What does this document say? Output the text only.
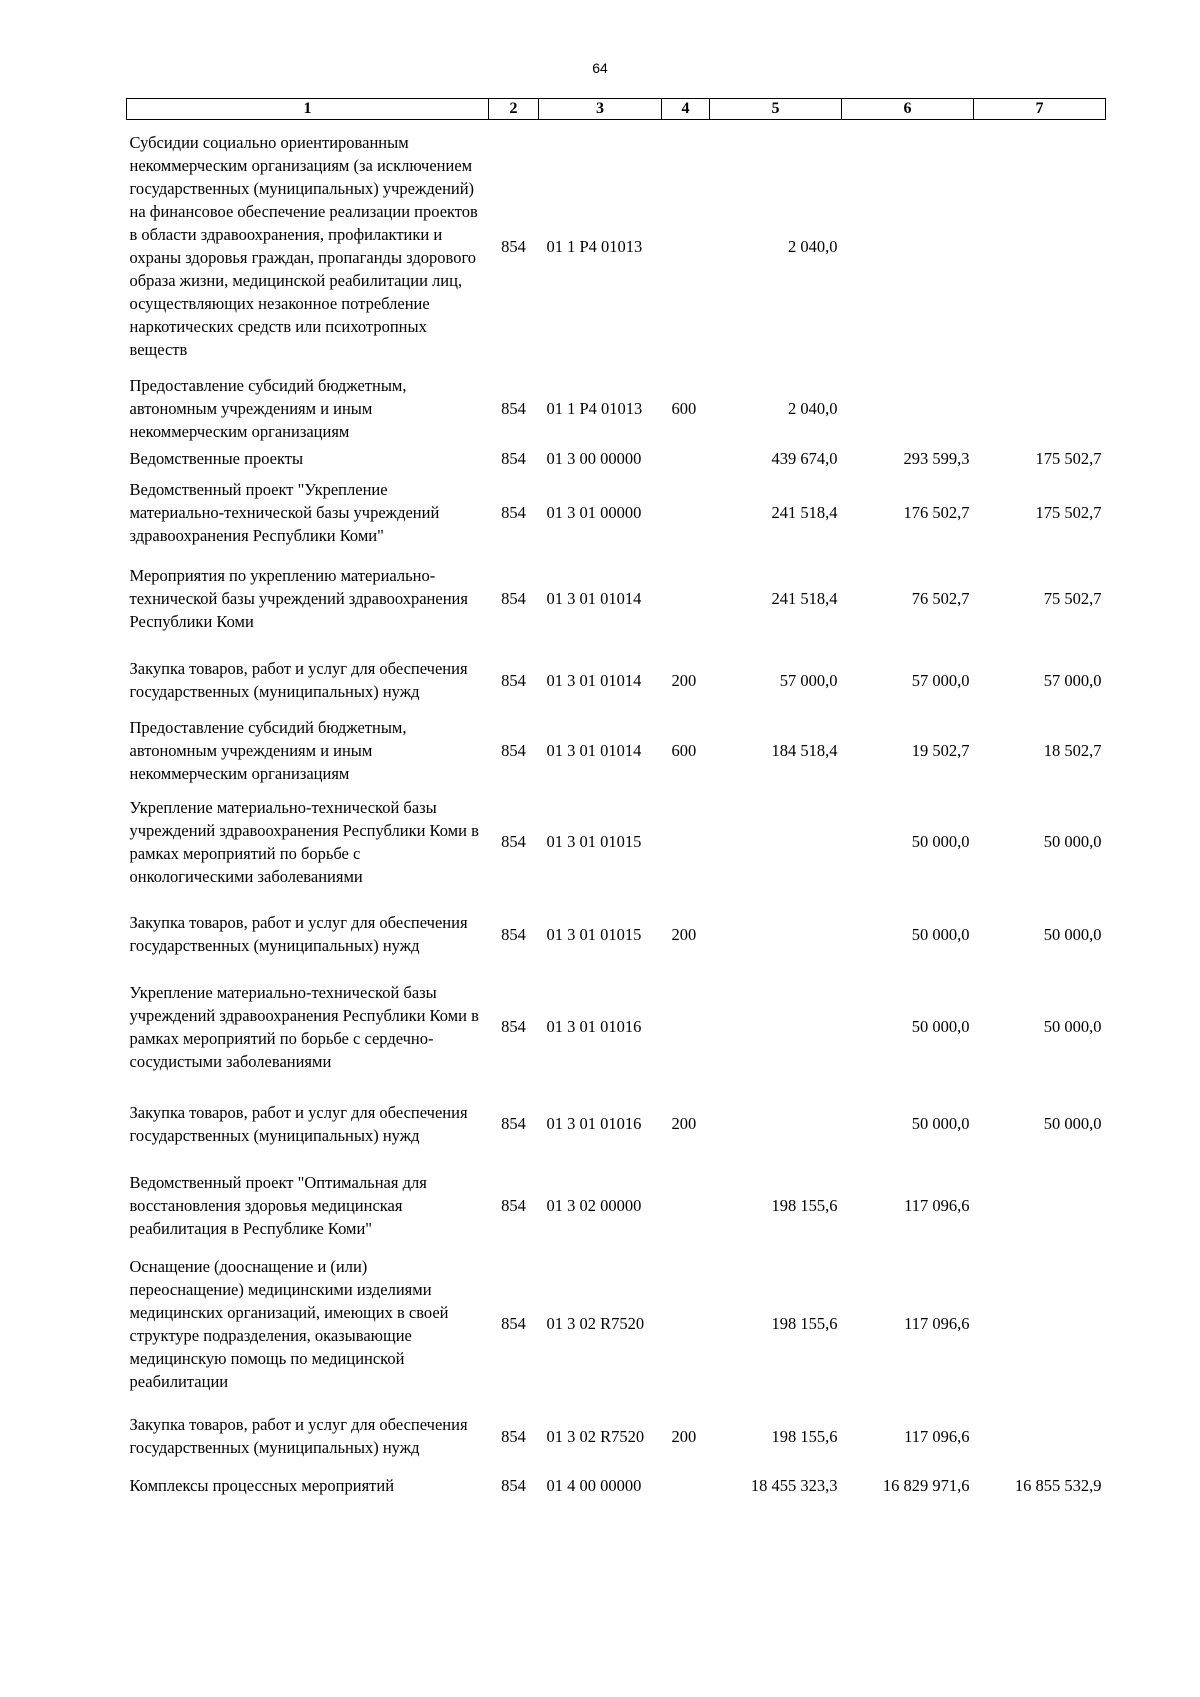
64
1	2	3	4	5	6	7
Субсидии социально ориентированным некоммерческим организациям (за исключением государственных (муниципальных) учреждений) на финансовое обеспечение реализации проектов в области здравоохранения, профилактики и охраны здоровья граждан, пропаганды здорового образа жизни, медицинской реабилитации лиц, осуществляющих незаконное потребление наркотических средств или психотропных веществ	854	01 1 P4 01013		2 040,0		
Предоставление субсидий бюджетным, автономным учреждениям и иным некоммерческим организациям	854	01 1 P4 01013	600	2 040,0		
Ведомственные проекты	854	01 3 00 00000		439 674,0	293 599,3	175 502,7
Ведомственный проект "Укрепление материально-технической базы учреждений здравоохранения Республики Коми"	854	01 3 01 00000		241 518,4	176 502,7	175 502,7
Мероприятия по укреплению материально-технической базы учреждений здравоохранения Республики Коми	854	01 3 01 01014		241 518,4	76 502,7	75 502,7
Закупка товаров, работ и услуг для обеспечения государственных (муниципальных) нужд	854	01 3 01 01014	200	57 000,0	57 000,0	57 000,0
Предоставление субсидий бюджетным, автономным учреждениям и иным некоммерческим организациям	854	01 3 01 01014	600	184 518,4	19 502,7	18 502,7
Укрепление материально-технической базы учреждений здравоохранения Республики Коми в рамках мероприятий по борьбе с онкологическими заболеваниями	854	01 3 01 01015			50 000,0	50 000,0
Закупка товаров, работ и услуг для обеспечения государственных (муниципальных) нужд	854	01 3 01 01015	200		50 000,0	50 000,0
Укрепление материально-технической базы учреждений здравоохранения Республики Коми в рамках мероприятий по борьбе с сердечно-сосудистыми заболеваниями	854	01 3 01 01016			50 000,0	50 000,0
Закупка товаров, работ и услуг для обеспечения государственных (муниципальных) нужд	854	01 3 01 01016	200		50 000,0	50 000,0
Ведомственный проект "Оптимальная для восстановления здоровья медицинская реабилитация в Республике Коми"	854	01 3 02 00000		198 155,6	117 096,6	
Оснащение (дооснащение и (или) переоснащение) медицинскими изделиями медицинских организаций, имеющих в своей структуре подразделения, оказывающие медицинскую помощь по медицинской реабилитации	854	01 3 02 R7520		198 155,6	117 096,6	
Закупка товаров, работ и услуг для обеспечения государственных (муниципальных) нужд	854	01 3 02 R7520	200	198 155,6	117 096,6	
Комплексы процессных мероприятий	854	01 4 00 00000		18 455 323,3	16 829 971,6	16 855 532,9
